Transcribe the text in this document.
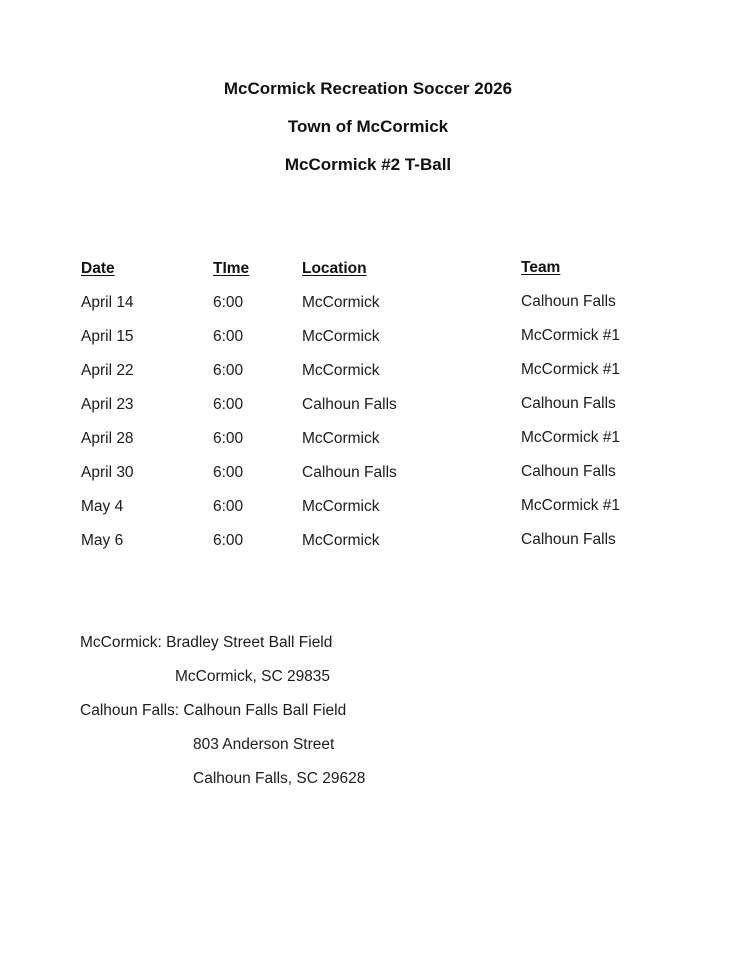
McCormick Recreation Soccer 2026
Town of McCormick
McCormick #2 T-Ball
Date	TIme	Location	Team
April 14	6:00	McCormick	Calhoun Falls
April 15	6:00	McCormick	McCormick #1
April 22	6:00	McCormick	McCormick #1
April 23	6:00	Calhoun Falls	Calhoun Falls
April 28	6:00	McCormick	McCormick #1
April 30	6:00	Calhoun Falls	Calhoun Falls
May 4	6:00	McCormick	McCormick #1
May 6	6:00	McCormick	Calhoun Falls
McCormick: Bradley Street Ball Field
McCormick, SC 29835
Calhoun Falls: Calhoun Falls Ball Field
803 Anderson Street
Calhoun Falls, SC 29628
